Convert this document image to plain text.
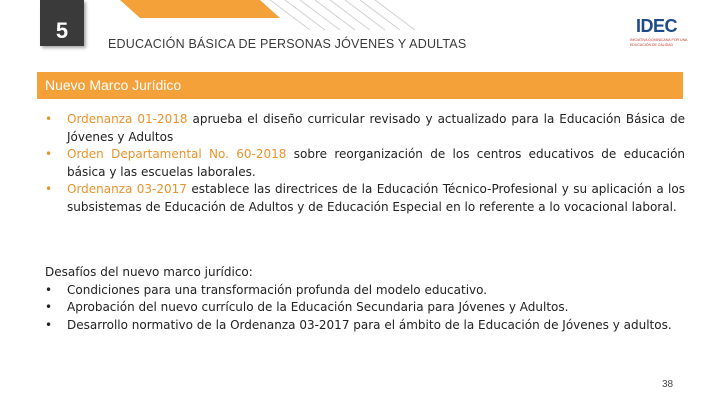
5
EDUCACIÓN BÁSICA DE PERSONAS JÓVENES Y ADULTAS
IDEC
INICIATIVA DOMINICANA POR UNA EDUCACIÓN DE CALIDAD
Nuevo Marco Jurídico
• Ordenanza 01-2018 aprueba el diseño curricular revisado y actualizado para la Educación Básica de Jóvenes y Adultos
• Orden Departamental No. 60-2018 sobre reorganización de los centros educativos de educación básica y las escuelas laborales.
• Ordenanza 03-2017 establece las directrices de la Educación Técnico-Profesional y su aplicación a los subsistemas de Educación de Adultos y de Educación Especial en lo referente a lo vocacional laboral.
Desafíos del nuevo marco jurídico:
• Condiciones para una transformación profunda del modelo educativo.
• Aprobación del nuevo currículo de la Educación Secundaria para Jóvenes y Adultos.
• Desarrollo normativo de la Ordenanza 03-2017 para el ámbito de la Educación de Jóvenes y adultos.
38
